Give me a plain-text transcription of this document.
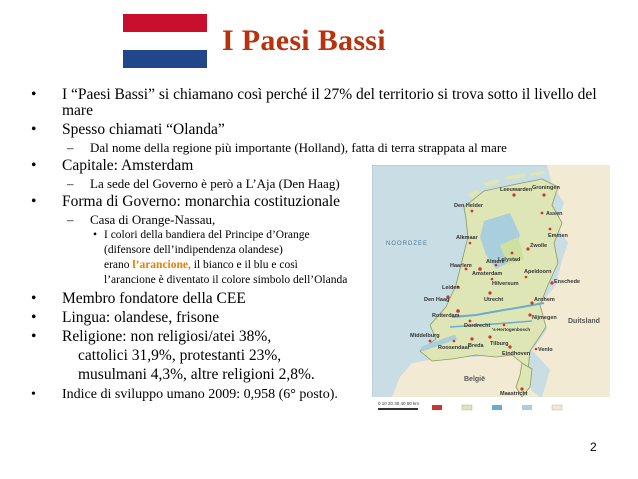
I Paesi Bassi
• I “Paesi Bassi” si chiamano così perché il 27% del territorio si trova sotto il livello del
mare
• Spesso chiamati “Olanda”
– Dal nome della regione più importante (Holland), fatta di terra strappata al mare
• Capitale: Amsterdam
– La sede del Governo è però a L’Aja (Den Haag)
• Forma di Governo: monarchia costituzionale
– Casa di Orange-Nassau,
• I colori della bandiera del Principe d’Orange
(difensore dell’indipendenza olandese)
erano l’arancione, il bianco e il blu e così
l’arancione è diventato il colore simbolo dell’Olanda
• Membro fondatore della CEE
• Lingua: olandese, frisone
• Religione: non religiosi/atei 38%,
cattolici 31,9%, protestanti 23%,
musulmani 4,3%, altre religioni 2,8%.
• Indice di sviluppo umano 2009: 0,958 (6° posto).
Leeuwarden Groningen
Assen
Emmen
Den Helder
Zwolle
Lelystad
Haarlem
Amsterdam
Leiden
Utrecht	Arnhem
Den Haag
Rotterdam
Dordrecht
Nijmegen
Middelburg
Breda Tilburg
Eindhoven
Maastricht
Enschede
Alkmaar
's-Hertogenbosch
Apeldoorn
Hilversum
Venlo
Roosendaal
Almere
Duitsland
België
NOORDZEE
0 10 20 30 40 50 km
2
